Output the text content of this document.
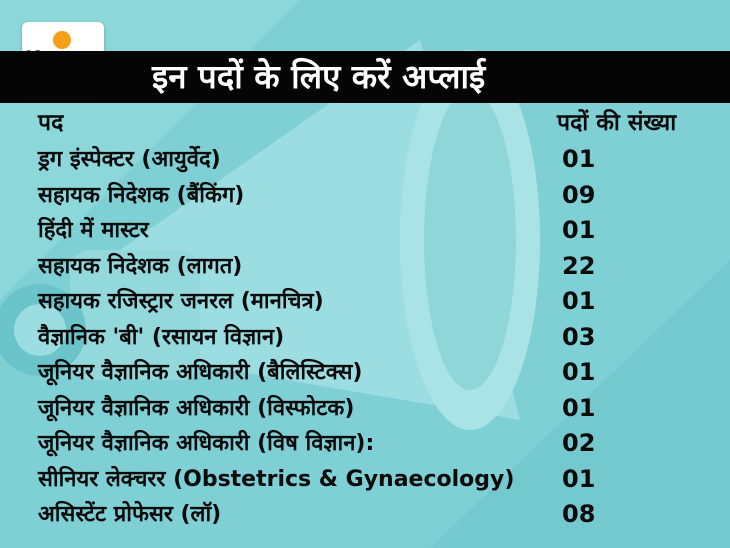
इन पदों के लिए करें अप्लाई
पद	पदों की संख्या
ड्रग इंस्पेक्टर (आयुर्वेद)	01
सहायक निदेशक (बैंकिंग)	09
हिंदी में मास्टर	01
सहायक निदेशक (लागत)	22
सहायक रजिस्ट्रार जनरल (मानचित्र)	01
वैज्ञानिक 'बी' (रसायन विज्ञान)	03
जूनियर वैज्ञानिक अधिकारी (बैलिस्टिक्स)	01
जूनियर वैज्ञानिक अधिकारी (विस्फोटक)	01
जूनियर वैज्ञानिक अधिकारी (विष विज्ञान):	02
सीनियर लेक्चरर (Obstetrics & Gynaecology) 01
असिस्टेंट प्रोफेसर (लॉ)	08
